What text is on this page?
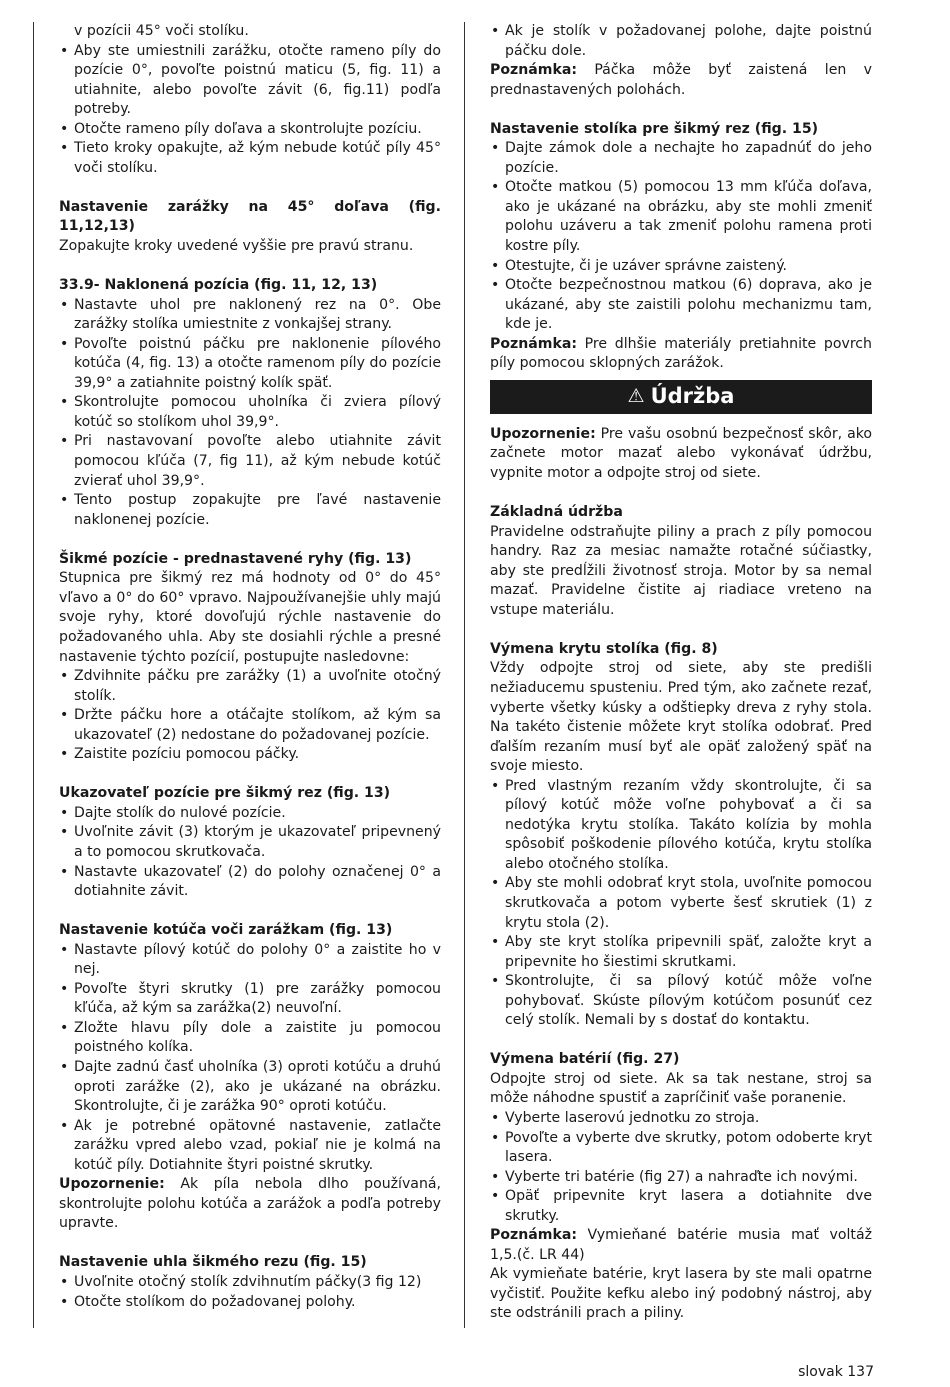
v pozícii 45° voči stolíku.
• Aby ste umiestnili zarážku, otočte rameno píly do pozície 0°, povoľte poistnú maticu (5, fig. 11) a utiahnite, alebo povoľte závit (6, fig.11) podľa potreby.
• Otočte rameno píly doľava a skontrolujte pozíciu.
• Tieto kroky opakujte, až kým nebude kotúč píly 45° voči stolíku.

Nastavenie zarážky na 45° doľava (fig. 11,12,13)

Zopakujte kroky uvedené vyššie pre pravú stranu.

33.9- Naklonená pozícia (fig. 11, 12, 13)

• Nastavte uhol pre naklonený rez na 0°. Obe zarážky stolíka umiestnite z vonkajšej strany.
• Povoľte poistnú páčku pre naklonenie pílového kotúča (4, fig. 13) a otočte ramenom píly do pozície 39,9° a zatiahnite poistný kolík späť.
• Skontrolujte pomocou uholníka či zviera pílový kotúč so stolíkom uhol 39,9°.
• Pri nastavovaní povoľte alebo utiahnite závit pomocou kľúča (7, fig 11), až kým nebude kotúč zvierať uhol 39,9°.
• Tento postup zopakujte pre ľavé nastavenie naklonenej pozície.

Šikmé pozície - prednastavené ryhy (fig. 13)

Stupnica pre šikmý rez má hodnoty od 0° do 45° vľavo a 0° do 60° vpravo. Najpoužívanejšie uhly majú svoje ryhy, ktoré dovoľujú rýchle nastavenie do požadovaného uhla. Aby ste dosiahli rýchle a presné nastavenie týchto pozícií, postupujte nasledovne:

• Zdvihnite páčku pre zarážky (1) a uvoľnite otočný stolík.
• Držte páčku hore a otáčajte stolíkom, až kým sa ukazovateľ (2) nedostane do požadovanej pozície.
• Zaistite pozíciu pomocou páčky.

Ukazovateľ pozície pre šikmý rez (fig. 13)

• Dajte stolík do nulové pozície.
• Uvoľnite závit (3) ktorým je ukazovateľ pripevnený a to pomocou skrutkovača.
• Nastavte ukazovateľ (2) do polohy označenej 0° a dotiahnite závit.

Nastavenie kotúča voči zarážkam (fig. 13)

• Nastavte pílový kotúč do polohy 0° a zaistite ho v nej.
• Povoľte štyri skrutky (1) pre zarážky pomocou kľúča, až kým sa zarážka(2) neuvoľní.
• Zložte hlavu píly dole a zaistite ju pomocou poistného kolíka.
• Dajte zadnú časť uholníka (3) oproti kotúču a druhú oproti zarážke (2), ako je ukázané na obrázku. Skontrolujte, či je zarážka 90° oproti kotúču.
• Ak je potrebné opätovné nastavenie, zatlačte zarážku vpred alebo vzad, pokiaľ nie je kolmá na kotúč píly. Dotiahnite štyri poistné skrutky.

Upozornenie: Ak píla nebola dlho používaná, skontrolujte polohu kotúča a zarážok a podľa potreby upravte.

Nastavenie uhla šikmého rezu (fig. 15)

• Uvoľnite otočný stolík zdvihnutím páčky(3 fig 12)
• Otočte stolíkom do požadovanej polohy.
• Ak je stolík v požadovanej polohe, dajte poistnú páčku dole.

Poznámka: Páčka môže byť zaistená len v prednastavených polohách.

Nastavenie stolíka pre šikmý rez (fig. 15)

• Dajte zámok dole a nechajte ho zapadnúť do jeho pozície.
• Otočte matkou (5) pomocou 13 mm kľúča doľava, ako je ukázané na obrázku, aby ste mohli zmeniť polohu uzáveru a tak zmeniť polohu ramena proti kostre píly.
• Otestujte, či je uzáver správne zaistený.
• Otočte bezpečnostnou matkou (6) doprava, ako je ukázané, aby ste zaistili polohu mechanizmu tam, kde je.

Poznámka: Pre dlhšie materiály pretiahnite povrch píly pomocou sklopných zarážok.

⚠ Údržba

Upozornenie: Pre vašu osobnú bezpečnosť skôr, ako začnete motor mazať alebo vykonávať údržbu, vypnite motor a odpojte stroj od siete.

Základná údržba

Pravidelne odstraňujte piliny a prach z píly pomocou handry. Raz za mesiac namažte rotačné súčiastky, aby ste predĺžili životnosť stroja. Motor by sa nemal mazať. Pravidelne čistite aj riadiace vreteno na vstupe materiálu.

Výmena krytu stolíka (fig. 8)

Vždy odpojte stroj od siete, aby ste predišli nežiaducemu spusteniu. Pred tým, ako začnete rezať, vyberte všetky kúsky a odštiepky dreva z ryhy stola. Na takéto čistenie môžete kryt stolíka odobrať. Pred ďalším rezaním musí byť ale opäť založený späť na svoje miesto.

• Pred vlastným rezaním vždy skontrolujte, či sa pílový kotúč môže voľne pohybovať a či sa nedotýka krytu stolíka. Takáto kolízia by mohla spôsobiť poškodenie pílového kotúča, krytu stolíka alebo otočného stolíka.
• Aby ste mohli odobrať kryt stola, uvoľnite pomocou skrutkovača a potom vyberte šesť skrutiek (1) z krytu stola (2).
• Aby ste kryt stolíka pripevnili späť, založte kryt a pripevnite ho šiestimi skrutkami.
• Skontrolujte, či sa pílový kotúč môže voľne pohybovať. Skúste pílovým kotúčom posunúť cez celý stolík. Nemali by s dostať do kontaktu.

Výmena batérií (fig. 27)

Odpojte stroj od siete. Ak sa tak nestane, stroj sa môže náhodne spustiť a zapríčiniť vaše poranenie.

• Vyberte laserovú jednotku zo stroja.
• Povoľte a vyberte dve skrutky, potom odoberte kryt lasera.
• Vyberte tri batérie (fig 27) a nahraďte ich novými.
• Opäť pripevnite kryt lasera a dotiahnite dve skrutky.

Poznámka: Vymieňané batérie musia mať voltáž 1,5.(č. LR 44)

Ak vymieňate batérie, kryt lasera by ste mali opatrne vyčistiť. Použite kefku alebo iný podobný nástroj, aby ste odstránili prach a piliny.

slovak 137
